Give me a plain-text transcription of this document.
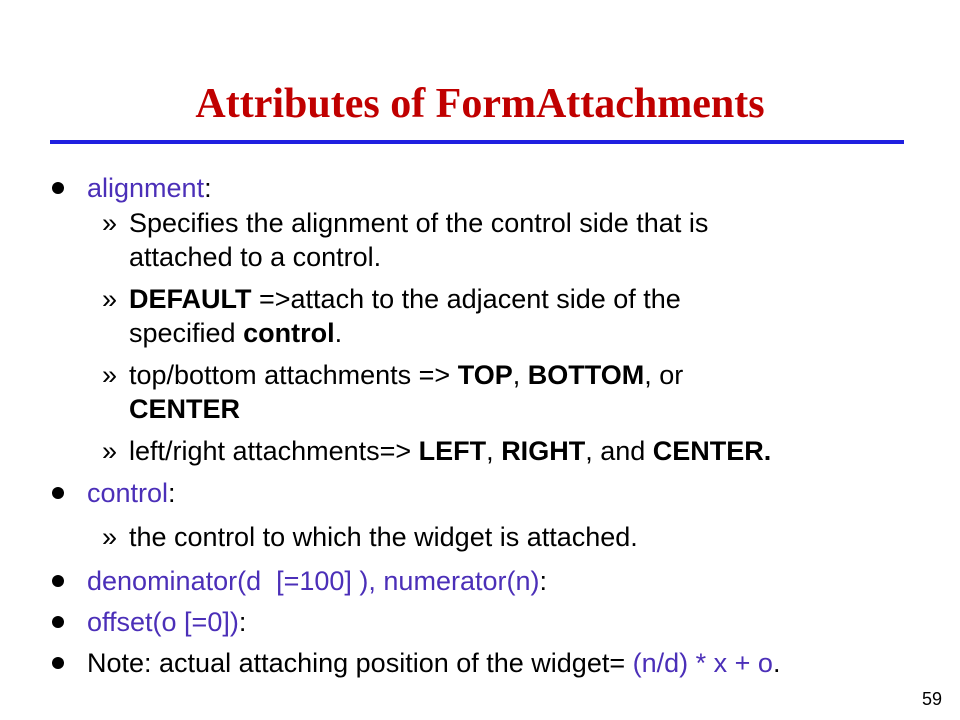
Attributes of FormAttachments
alignment:
» Specifies the alignment of the control side that is
attached to a control.
» DEFAULT =>attach to the adjacent side of the
specified control.
» top/bottom attachments => TOP, BOTTOM, or
CENTER
» left/right attachments=> LEFT, RIGHT, and CENTER.
control:
» the control to which the widget is attached.
denominator(d  [=100] ), numerator(n):
offset(o [=0]):
Note: actual attaching position of the widget= (n/d) * x + o.
59
